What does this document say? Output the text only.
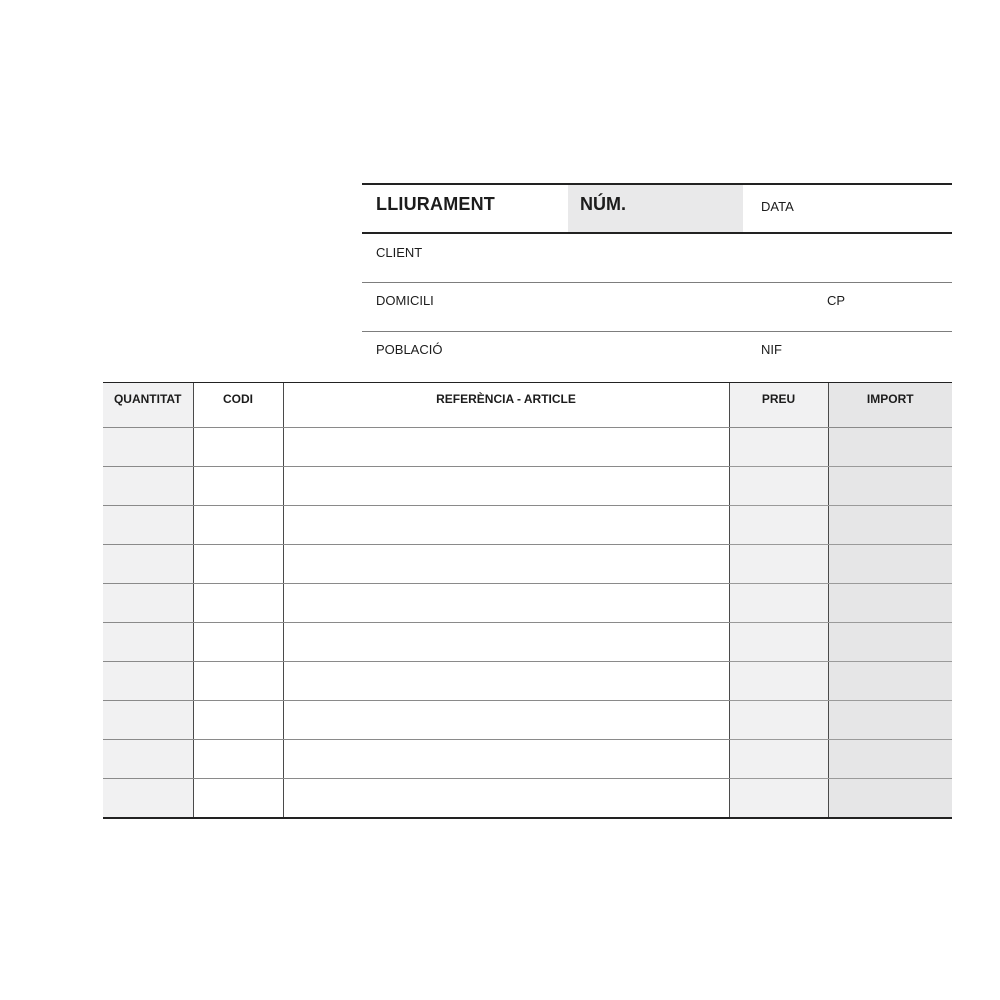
LLIURAMENT	NÚM.	DATA
CLIENT
DOMICILI	CP
POBLACIÓ	NIF
QUANTITAT	CODI	REFERÈNCIA - ARTICLE	PREU	IMPORT
